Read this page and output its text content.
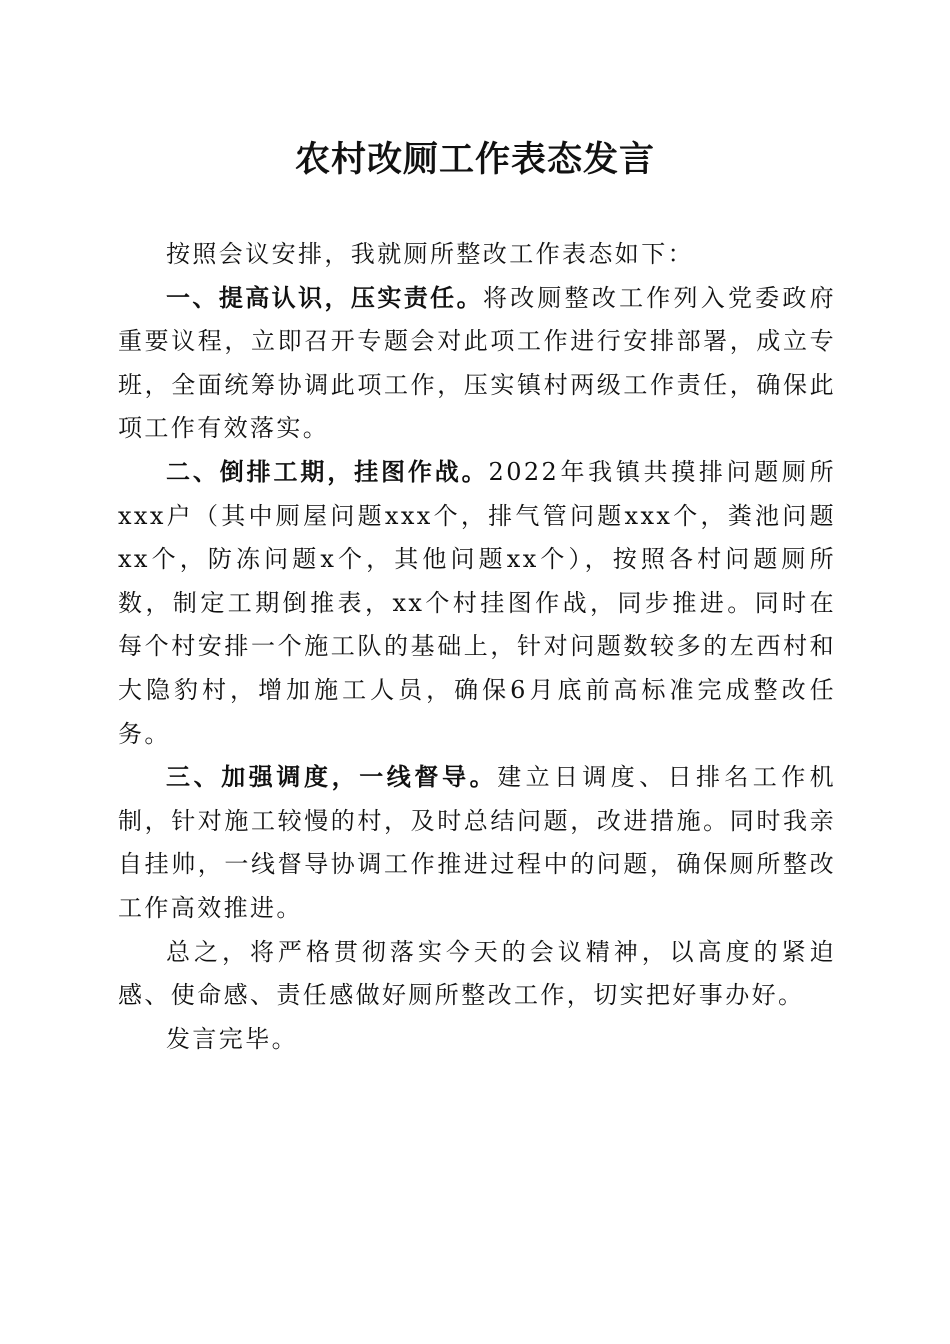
农村改厕工作表态发言

按照会议安排，我就厕所整改工作表态如下：

一、提高认识，压实责任。将改厕整改工作列入党委政府重要议程，立即召开专题会对此项工作进行安排部署，成立专班，全面统筹协调此项工作，压实镇村两级工作责任，确保此项工作有效落实。

二、倒排工期，挂图作战。2022年我镇共摸排问题厕所xxx户（其中厕屋问题xxx个，排气管问题xxx个，粪池问题xx个，防冻问题x个，其他问题xx个），按照各村问题厕所数，制定工期倒推表，xx个村挂图作战，同步推进。同时在每个村安排一个施工队的基础上，针对问题数较多的左西村和大隐豹村，增加施工人员，确保6月底前高标准完成整改任务。

三、加强调度，一线督导。建立日调度、日排名工作机制，针对施工较慢的村，及时总结问题，改进措施。同时我亲自挂帅，一线督导协调工作推进过程中的问题，确保厕所整改工作高效推进。

总之，将严格贯彻落实今天的会议精神，以高度的紧迫感、使命感、责任感做好厕所整改工作，切实把好事办好。

发言完毕。
